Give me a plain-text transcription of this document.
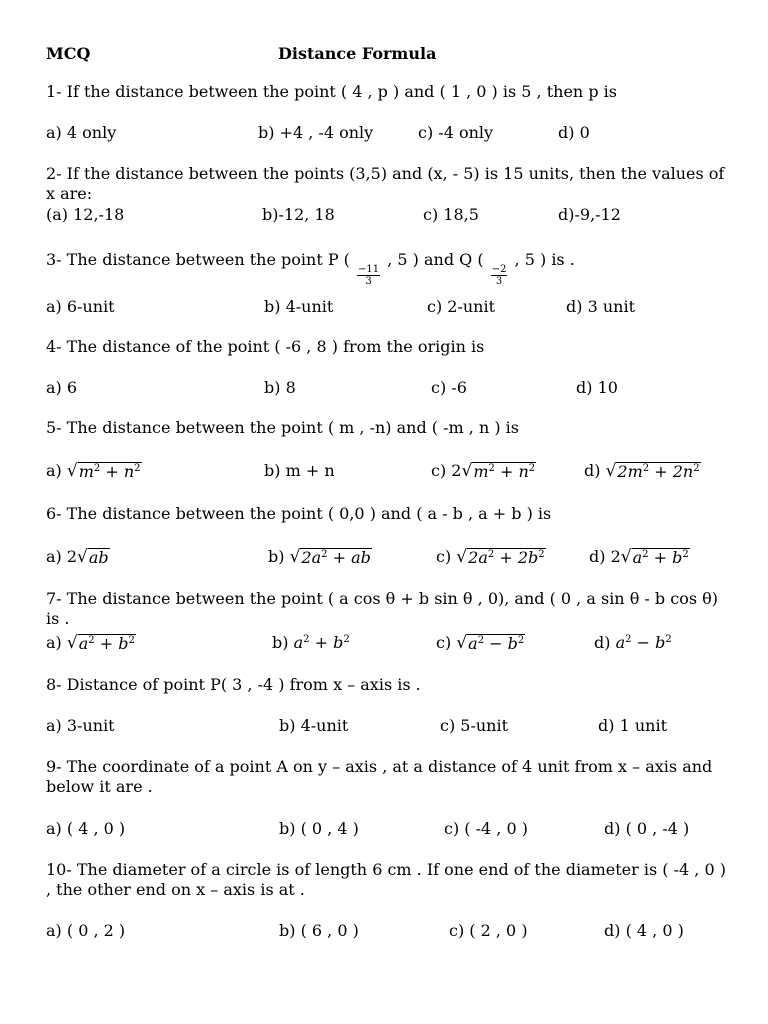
MCQ	Distance Formula
1- If the distance between the point ( 4 , p ) and ( 1 , 0 ) is 5 , then p is
a) 4 only	b) +4 , -4 only	c) -4 only	d) 0
2- If the distance between the points (3,5) and (x, - 5) is 15 units, then the values of x are:
(a) 12,-18	b)-12, 18	c) 18,5	d)-9,-12
3- The distance between the point P (
$\frac{-11}{3}$
, 5 ) and Q (
$\frac{-2}{3}$
, 5 ) is .
a) 6-unit	b) 4-unit	c) 2-unit	d) 3 unit
4- The distance of the point ( -6 , 8 ) from the origin is
a) 6	b) 8	c) -6	d) 10
5- The distance between the point ( m , -n) and ( -m , n ) is
a) √ $m^2 + n^2$	b) m + n	c) 2 √ $m^2 + n^2$	d) √ $2m^2 + 2n^2$
6- The distance between the point ( 0,0 ) and ( a - b , a + b ) is
a) 2 √ ab	b) √ $2a^2$ + ab	c) √ $2a^2 + 2b^2$	d) 2 √ $a^2 + b^2$
7- The distance between the point ( a cos θ + b sin θ , 0), and ( 0 , a sin θ - b cos θ) is .
a) √ $a^2 + b^2$	b) $a^2 + b^2$	c) √ $a^2 - b^2$	d) $a^2 - b^2$
8- Distance of point P( 3 , -4 ) from x – axis is .
a) 3-unit	b) 4-unit	c) 5-unit	d) 1 unit
9- The coordinate of a point A on y – axis , at a distance of 4 unit from x – axis and below it are .
a) ( 4 , 0 )	b) ( 0 , 4 )	c) ( -4 , 0 )	d) ( 0 , -4 )
10- The diameter of a circle is of length 6 cm . If one end of the diameter is ( -4 , 0 ) , the other end on x – axis is at .
a) ( 0 , 2 )	b) ( 6 , 0 )	c) ( 2 , 0 )	d) ( 4 , 0 )
